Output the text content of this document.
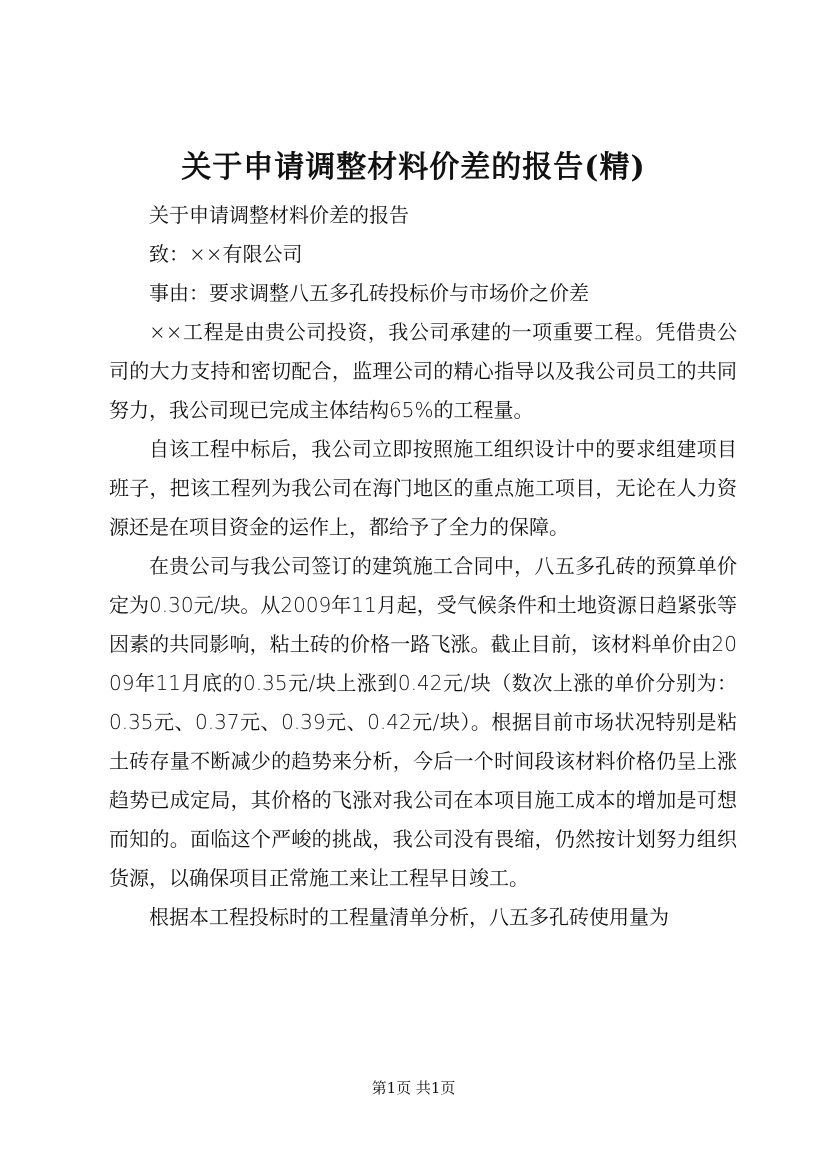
关于申请调整材料价差的报告(精)

关于申请调整材料价差的报告

致：××有限公司

事由：要求调整八五多孔砖投标价与市场价之价差

××工程是由贵公司投资，我公司承建的一项重要工程。凭借贵公司的大力支持和密切配合，监理公司的精心指导以及我公司员工的共同努力，我公司现已完成主体结构65%的工程量。

自该工程中标后，我公司立即按照施工组织设计中的要求组建项目班子，把该工程列为我公司在海门地区的重点施工项目，无论在人力资源还是在项目资金的运作上，都给予了全力的保障。

在贵公司与我公司签订的建筑施工合同中，八五多孔砖的预算单价定为0.30元/块。从2009年11月起，受气候条件和土地资源日趋紧张等因素的共同影响，粘土砖的价格一路飞涨。截止目前，该材料单价由2009年11月底的0.35元/块上涨到0.42元/块（数次上涨的单价分别为：0.35元、0.37元、0.39元、0.42元/块）。根据目前市场状况特别是粘土砖存量不断减少的趋势来分析，今后一个时间段该材料价格仍呈上涨趋势已成定局，其价格的飞涨对我公司在本项目施工成本的增加是可想而知的。面临这个严峻的挑战，我公司没有畏缩，仍然按计划努力组织货源，以确保项目正常施工来让工程早日竣工。

根据本工程投标时的工程量清单分析，八五多孔砖使用量为

第1页 共1页
